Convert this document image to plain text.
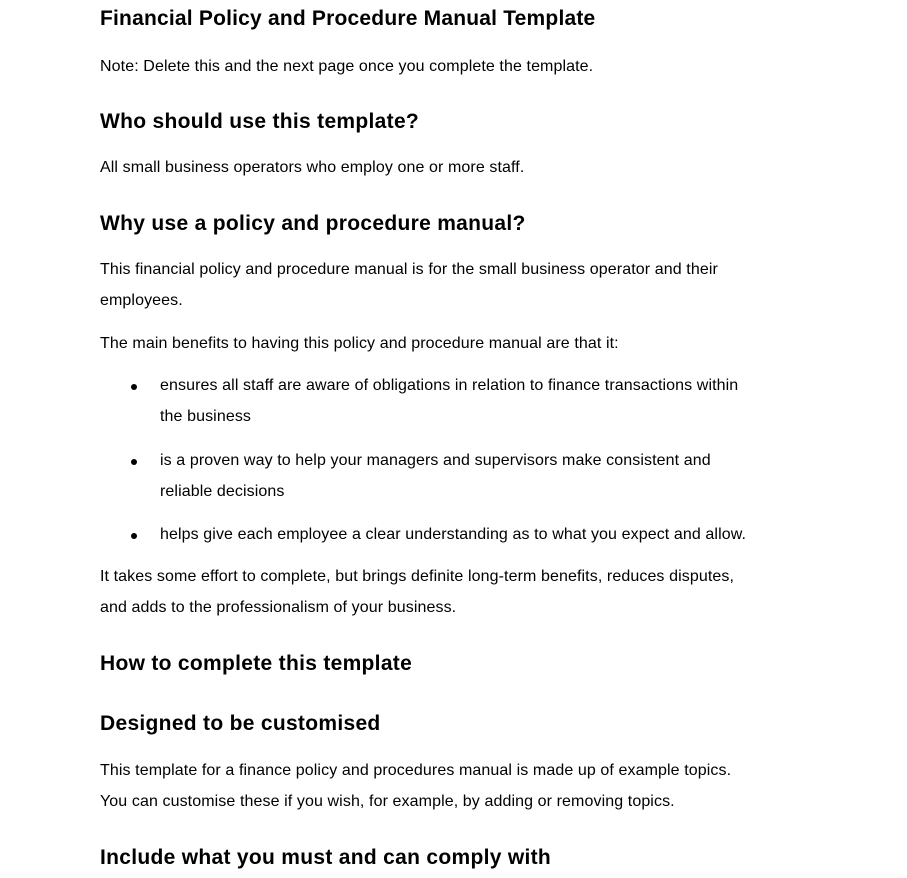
Financial Policy and Procedure Manual Template
Note: Delete this and the next page once you complete the template.
Who should use this template?
All small business operators who employ one or more staff.
Why use a policy and procedure manual?
This financial policy and procedure manual is for the small business operator and their
employees.
The main benefits to having this policy and procedure manual are that it:
ensures all staff are aware of obligations in relation to finance transactions within
the business
is a proven way to help your managers and supervisors make consistent and
reliable decisions
helps give each employee a clear understanding as to what you expect and allow.
It takes some effort to complete, but brings definite long-term benefits, reduces disputes,
and adds to the professionalism of your business.
How to complete this template
Designed to be customised
This template for a finance policy and procedures manual is made up of example topics.
You can customise these if you wish, for example, by adding or removing topics.
Include what you must and can comply with
